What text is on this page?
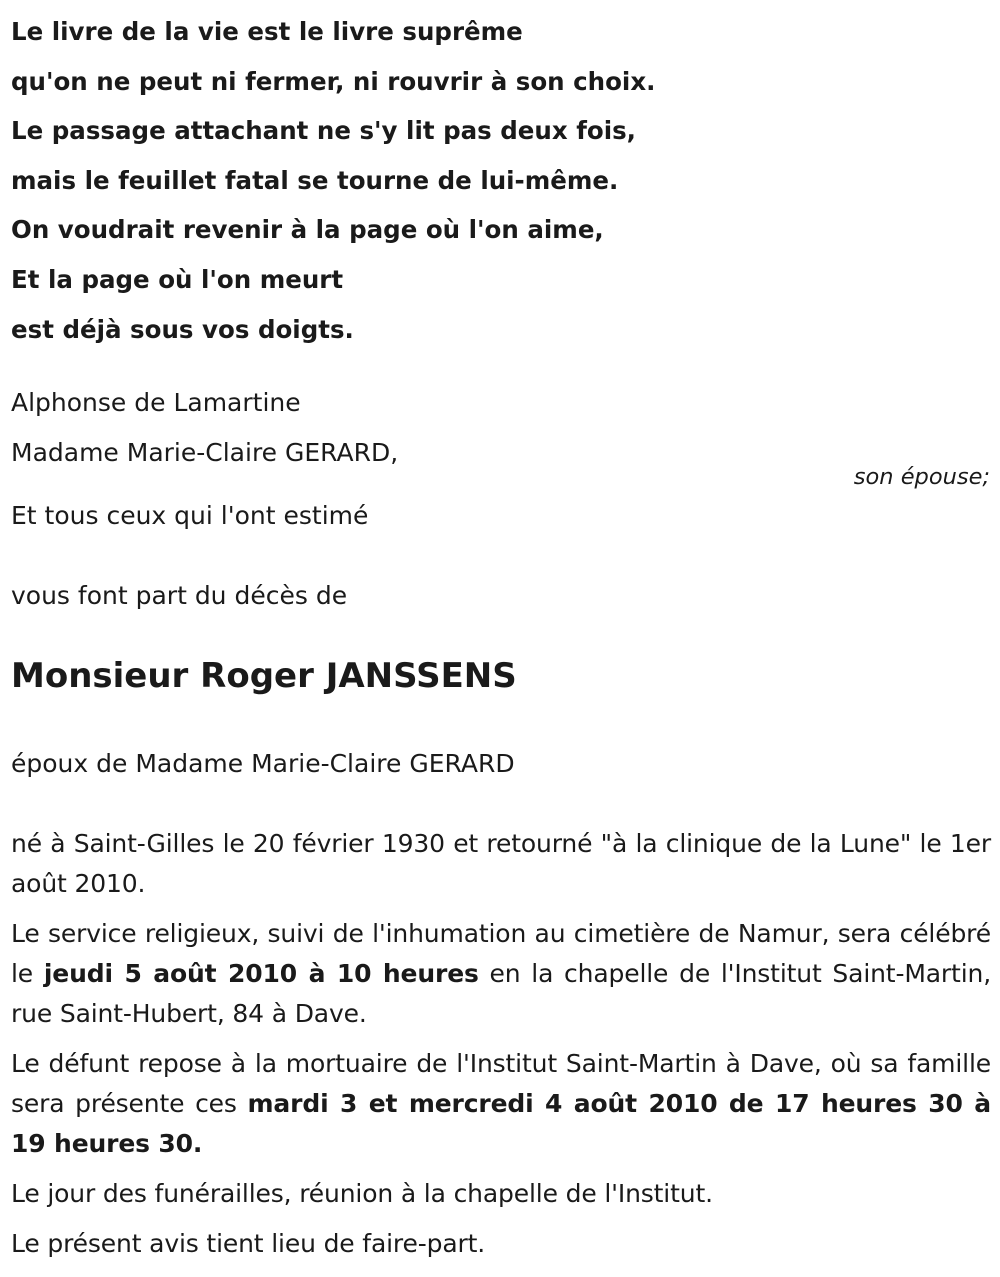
Le livre de la vie est le livre suprême
qu'on ne peut ni fermer, ni rouvrir à son choix.
Le passage attachant ne s'y lit pas deux fois,
mais le feuillet fatal se tourne de lui-même.
On voudrait revenir à la page où l'on aime,
Et la page où l'on meurt
est déjà sous vos doigts.
Alphonse de Lamartine
Madame Marie-Claire GERARD,
son épouse;
Et tous ceux qui l'ont estimé
vous font part du décès de
Monsieur Roger JANSSENS
époux de Madame Marie-Claire GERARD

né à Saint-Gilles le 20 février 1930 et retourné "à la clinique de la Lune" le 1er août 2010.

Le service religieux, suivi de l'inhumation au cimetière de Namur, sera célébré le jeudi 5 août 2010 à 10 heures en la chapelle de l'Institut Saint-Martin, rue Saint-Hubert, 84 à Dave.

Le défunt repose à la mortuaire de l'Institut Saint-Martin à Dave, où sa famille sera présente ces mardi 3 et mercredi 4 août 2010 de 17 heures 30 à 19 heures 30.

Le jour des funérailles, réunion à la chapelle de l'Institut.

Le présent avis tient lieu de faire-part.
